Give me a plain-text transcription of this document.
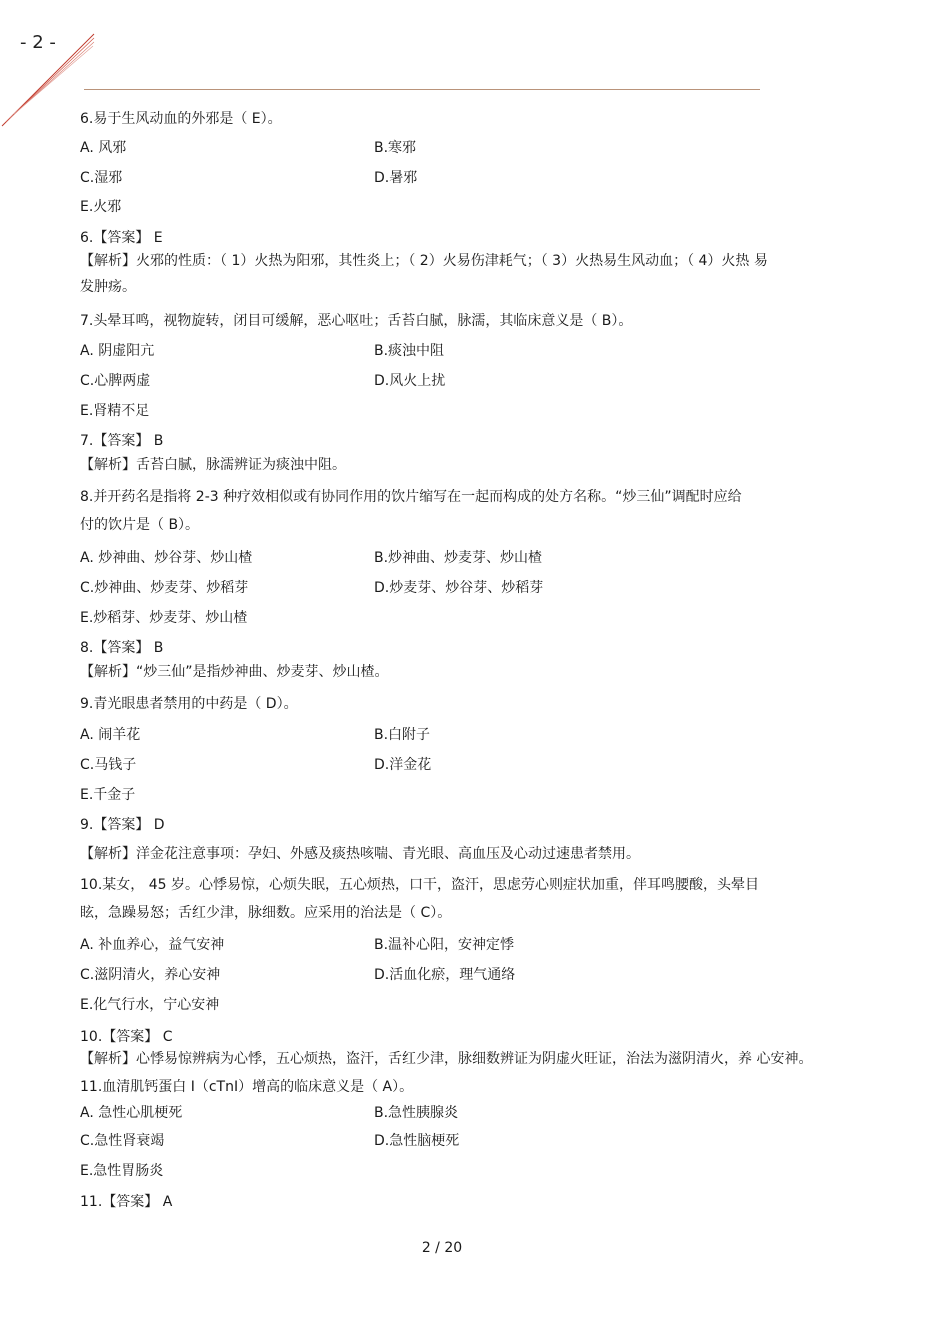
- 2 -
6.易于生风动血的外邪是（ E）。
A. 风邪	B.寒邪
C.湿邪	D.暑邪
E.火邪
6.【答案】 E
【解析】火邪的性质：（ 1）火热为阳邪，其性炎上；（ 2）火易伤津耗气；（ 3）火热易生风动血；（ 4）火热 易
发肿疡。
7.头晕耳鸣，视物旋转，闭目可缓解，恶心呕吐；舌苔白腻，脉濡，其临床意义是（ B）。
A. 阴虚阳亢	B.痰浊中阻
C.心脾两虚	D.风火上扰
E.肾精不足
7.【答案】 B
【解析】舌苔白腻，脉濡辨证为痰浊中阻。
8.并开药名是指将 2-3 种疗效相似或有协同作用的饮片缩写在一起而构成的处方名称。“炒三仙”调配时应给
付的饮片是（ B）。
A. 炒神曲、炒谷芽、炒山楂	B.炒神曲、炒麦芽、炒山楂
C.炒神曲、炒麦芽、炒稻芽	D.炒麦芽、炒谷芽、炒稻芽
E.炒稻芽、炒麦芽、炒山楂
8.【答案】 B
【解析】“炒三仙”是指炒神曲、炒麦芽、炒山楂。
9.青光眼患者禁用的中药是（ D）。
A. 闹羊花	B.白附子
C.马钱子	D.洋金花
E.千金子
9.【答案】 D
【解析】洋金花注意事项：孕妇、外感及痰热咳喘、青光眼、高血压及心动过速患者禁用。
10.某女， 45 岁。心悸易惊，心烦失眠，五心烦热，口干，盗汗，思虑劳心则症状加重，伴耳鸣腰酸，头晕目
眩，急躁易怒；舌红少津，脉细数。应采用的治法是（ C）。
A. 补血养心，益气安神	B.温补心阳，安神定悸
C.滋阴清火，养心安神	D.活血化瘀，理气通络
E.化气行水，宁心安神
10.【答案】 C
【解析】心悸易惊辨病为心悸，五心烦热，盗汗，舌红少津，脉细数辨证为阴虚火旺证，治法为滋阴清火，养 心安神。
11.血清肌钙蛋白 I（cTnI）增高的临床意义是（ A）。
A. 急性心肌梗死	B.急性胰腺炎
C.急性肾衰竭	D.急性脑梗死
E.急性胃肠炎
11.【答案】 A
2 / 20
